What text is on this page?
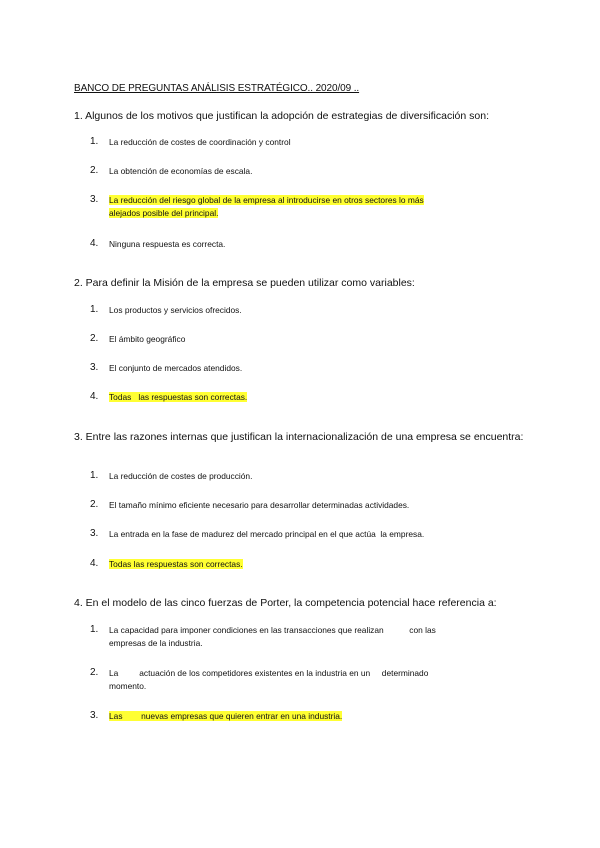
BANCO DE PREGUNTAS ANÁLISIS ESTRATÉGICO.. 2020/09 ..
1. Algunos de los motivos que justifican la adopción de estrategias de diversificación son:
1.	La reducción de costes de coordinación y control
2.	La obtención de economías de escala.
3.	La reducción del riesgo global de la empresa al introducirse en otros sectores lo más
alejados posible del principal.
4.	Ninguna respuesta es correcta.
2. Para definir la Misión de la empresa se pueden utilizar como variables:
1.	Los productos y servicios ofrecidos.
2.	El ámbito geográfico
3.	El conjunto de mercados atendidos.
4.	Todas   las respuestas son correctas.
3. Entre las razones internas que justifican la internacionalización de una empresa se encuentra:
1.	La reducción de costes de producción.
2.	El tamaño mínimo eficiente necesario para desarrollar determinadas actividades.
3.	La entrada en la fase de madurez del mercado principal en el que actúa  la empresa.
4.	Todas las respuestas son correctas.
4. En el modelo de las cinco fuerzas de Porter, la competencia potencial hace referencia a:
1.	La capacidad para imponer condiciones en las transacciones que realizan           con las
empresas de la industria.
2.	La         actuación de los competidores existentes en la industria en un     determinado
momento.
3.	Las        nuevas empresas que quieren entrar en una industria.
